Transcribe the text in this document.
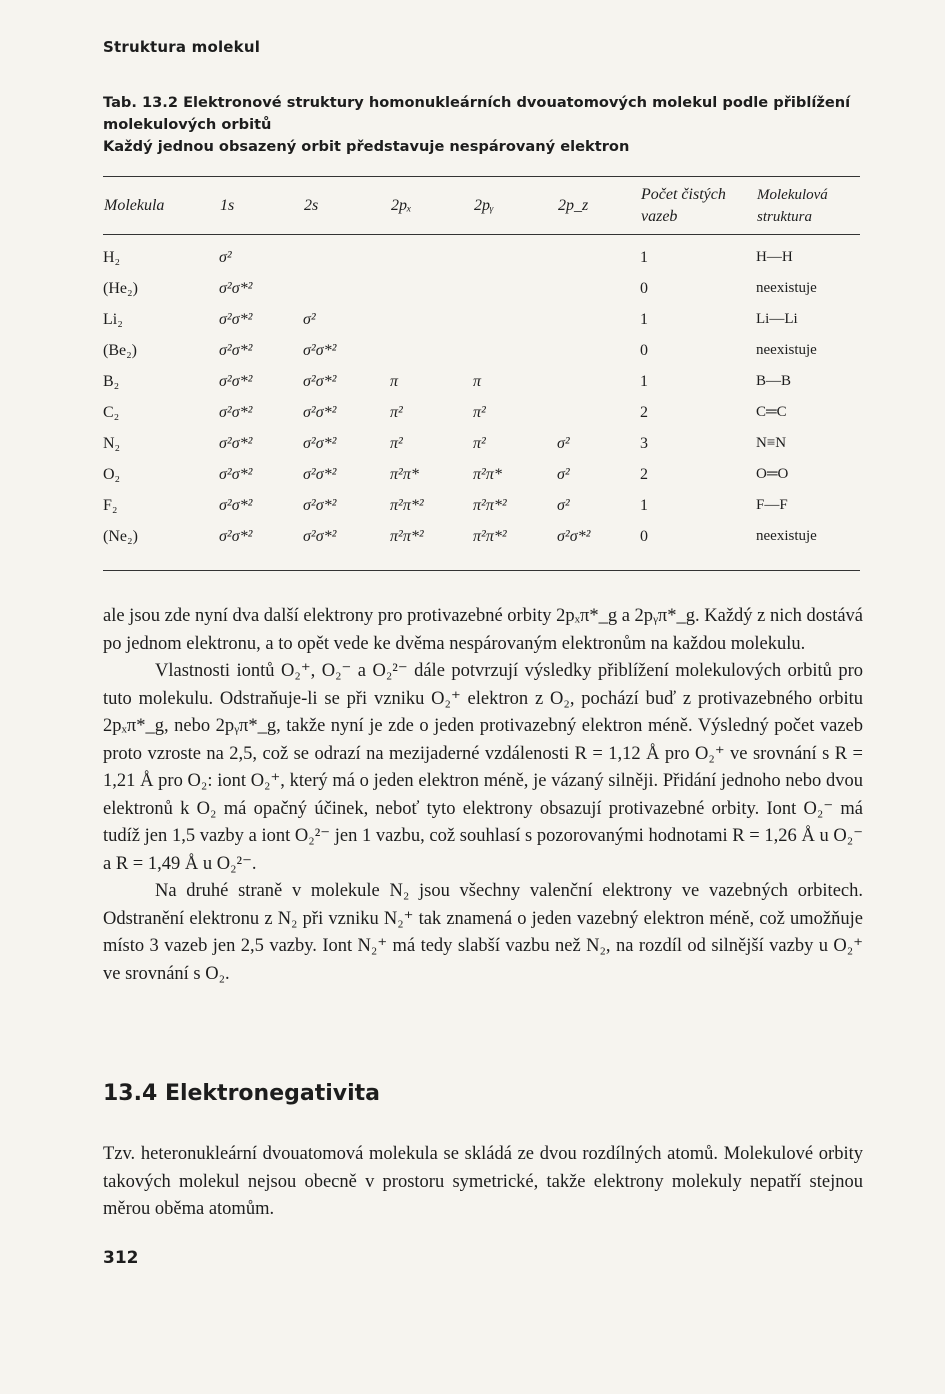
Struktura molekul

Tab. 13.2 Elektronové struktury homonukleárních dvouatomových molekul podle přiblížení molekulových orbitů

Každý jednou obsazený orbit představuje nespárovaný elektron

Molekula	1s	2s	2pₓ	2pᵧ	2p_z	Počet čistých vazeb	Molekulová struktura
H₂	σ²					1	H—H
(He₂)	σ²σ*²					0	neexistuje
Li₂	σ²σ*²	σ²				1	Li—Li
(Be₂)	σ²σ*²	σ²σ*²				0	neexistuje
B₂	σ²σ*²	σ²σ*²	π	π		1	B—B
C₂	σ²σ*²	σ²σ*²	π²	π²		2	C═C
N₂	σ²σ*²	σ²σ*²	π²	π²	σ²	3	N≡N
O₂	σ²σ*²	σ²σ*²	π²π*	π²π*	σ²	2	O═O
F₂	σ²σ*²	σ²σ*²	π²π*²	π²π*²	σ²	1	F—F
(Ne₂)	σ²σ*²	σ²σ*²	π²π*²	π²π*²	σ²σ*²	0	neexistuje

ale jsou zde nyní dva další elektrony pro protivazebné orbity 2pₓπ*_g a 2pᵧπ*_g. Každý z nich dostává po jednom elektronu, a to opět vede ke dvěma nespárovaným elektronům na každou molekulu.

Vlastnosti iontů O₂⁺, O₂⁻ a O₂²⁻ dále potvrzují výsledky přiblížení molekulových orbitů pro tuto molekulu. Odstraňuje-li se při vzniku O₂⁺ elektron z O₂, pochází buď z protivazebného orbitu 2pₓπ*_g, nebo 2pᵧπ*_g, takže nyní je zde o jeden protivazebný elektron méně. Výsledný počet vazeb proto vzroste na 2,5, což se odrazí na mezijaderné vzdálenosti R = 1,12 Å pro O₂⁺ ve srovnání s R = 1,21 Å pro O₂: iont O₂⁺, který má o jeden elektron méně, je vázaný silněji. Přidání jednoho nebo dvou elektronů k O₂ má opačný účinek, neboť tyto elektrony obsazují protivazebné orbity. Iont O₂⁻ má tudíž jen 1,5 vazby a iont O₂²⁻ jen 1 vazbu, což souhlasí s pozorovanými hodnotami R = 1,26 Å u O₂⁻ a R = 1,49 Å u O₂²⁻.

Na druhé straně v molekule N₂ jsou všechny valenční elektrony ve vazebných orbitech. Odstranění elektronu z N₂ při vzniku N₂⁺ tak znamená o jeden vazebný elektron méně, což umožňuje místo 3 vazeb jen 2,5 vazby. Iont N₂⁺ má tedy slabší vazbu než N₂, na rozdíl od silnější vazby u O₂⁺ ve srovnání s O₂.

13.4 Elektronegativita

Tzv. heteronukleární dvouatomová molekula se skládá ze dvou rozdílných atomů. Molekulové orbity takových molekul nejsou obecně v prostoru symetrické, takže elektrony molekuly nepatří stejnou měrou oběma atomům.

312
